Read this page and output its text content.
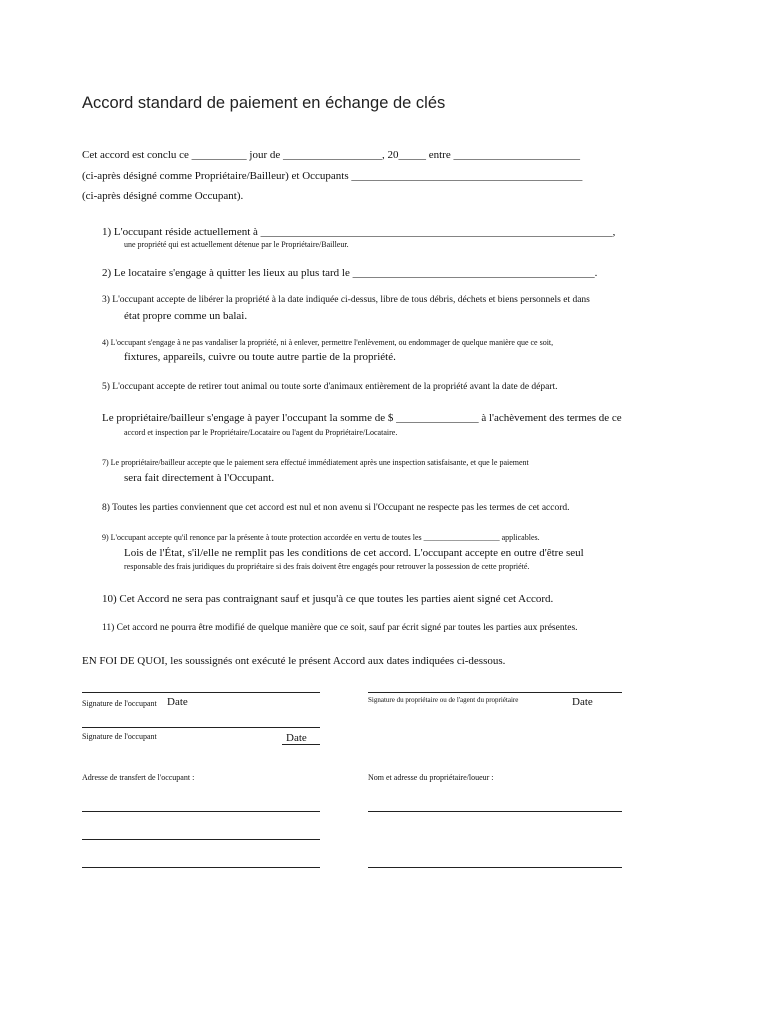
Accord standard de paiement en échange de clés
Cet accord est conclu ce __________ jour de __________________, 20_____ entre _______________________
(ci-après désigné comme Propriétaire/Bailleur) et Occupants __________________________________________
(ci-après désigné comme Occupant).
1) L'occupant réside actuellement à ________________________________________________________________,
une propriété qui est actuellement détenue par le Propriétaire/Bailleur.
2) Le locataire s'engage à quitter les lieux au plus tard le ____________________________________________.
3) L'occupant accepte de libérer la propriété à la date indiquée ci-dessus, libre de tous débris, déchets et biens personnels et dans
état propre comme un balai.
4) L'occupant s'engage à ne pas vandaliser la propriété, ni à enlever, permettre l'enlèvement, ou endommager de quelque manière que ce soit,
fixtures, appareils, cuivre ou toute autre partie de la propriété.
5) L'occupant accepte de retirer tout animal ou toute sorte d'animaux entièrement de la propriété avant la date de départ.
Le propriétaire/bailleur s'engage à payer l'occupant la somme de $ _______________ à l'achèvement des termes de ce
accord et inspection par le Propriétaire/Locataire ou l'agent du Propriétaire/Locataire.
7) Le propriétaire/bailleur accepte que le paiement sera effectué immédiatement après une inspection satisfaisante, et que le paiement
sera fait directement à l'Occupant.
8) Toutes les parties conviennent que cet accord est nul et non avenu si l'Occupant ne respecte pas les termes de cet accord.
9) L'occupant accepte qu'il renonce par la présente à toute protection accordée en vertu de toutes les ___________________ applicables.
Lois de l'État, s'il/elle ne remplit pas les conditions de cet accord. L'occupant accepte en outre d'être seul
responsable des frais juridiques du propriétaire si des frais doivent être engagés pour retrouver la possession de cette propriété.
10) Cet Accord ne sera pas contraignant sauf et jusqu'à ce que toutes les parties aient signé cet Accord.
11) Cet accord ne pourra être modifié de quelque manière que ce soit, sauf par écrit signé par toutes les parties aux présentes.
EN FOI DE QUOI, les soussignés ont exécuté le présent Accord aux dates indiquées ci-dessous.
Signature de l'occupant Date	Signature du propriétaire ou de l'agent du propriétaire	Date
Signature de l'occupant	Date
Adresse de transfert de l'occupant :	Nom et adresse du propriétaire/loueur :
